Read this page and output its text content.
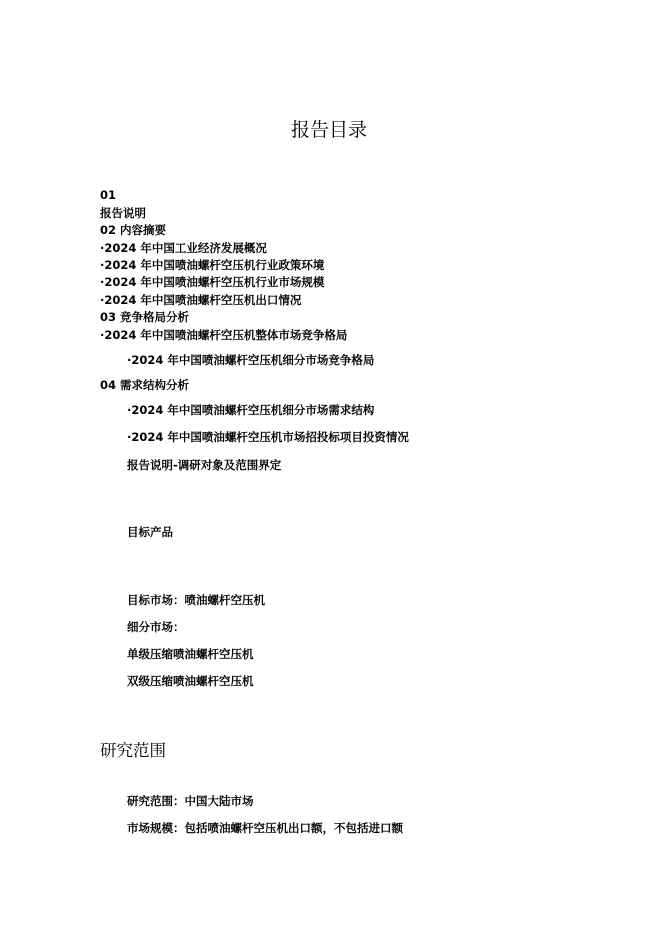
报告目录
01
报告说明
02 内容摘要
·2024 年中国工业经济发展概况
·2024 年中国喷油螺杆空压机行业政策环境
·2024 年中国喷油螺杆空压机行业市场规模
·2024 年中国喷油螺杆空压机出口情况
03 竞争格局分析
·2024 年中国喷油螺杆空压机整体市场竞争格局
·2024 年中国喷油螺杆空压机细分市场竞争格局
04 需求结构分析
·2024 年中国喷油螺杆空压机细分市场需求结构
·2024 年中国喷油螺杆空压机市场招投标项目投资情况
报告说明-调研对象及范围界定
目标产品
目标市场：喷油螺杆空压机
细分市场：
单级压缩喷油螺杆空压机
双级压缩喷油螺杆空压机
研究范围
研究范围：中国大陆市场
市场规模：包括喷油螺杆空压机出口额，不包括进口额
